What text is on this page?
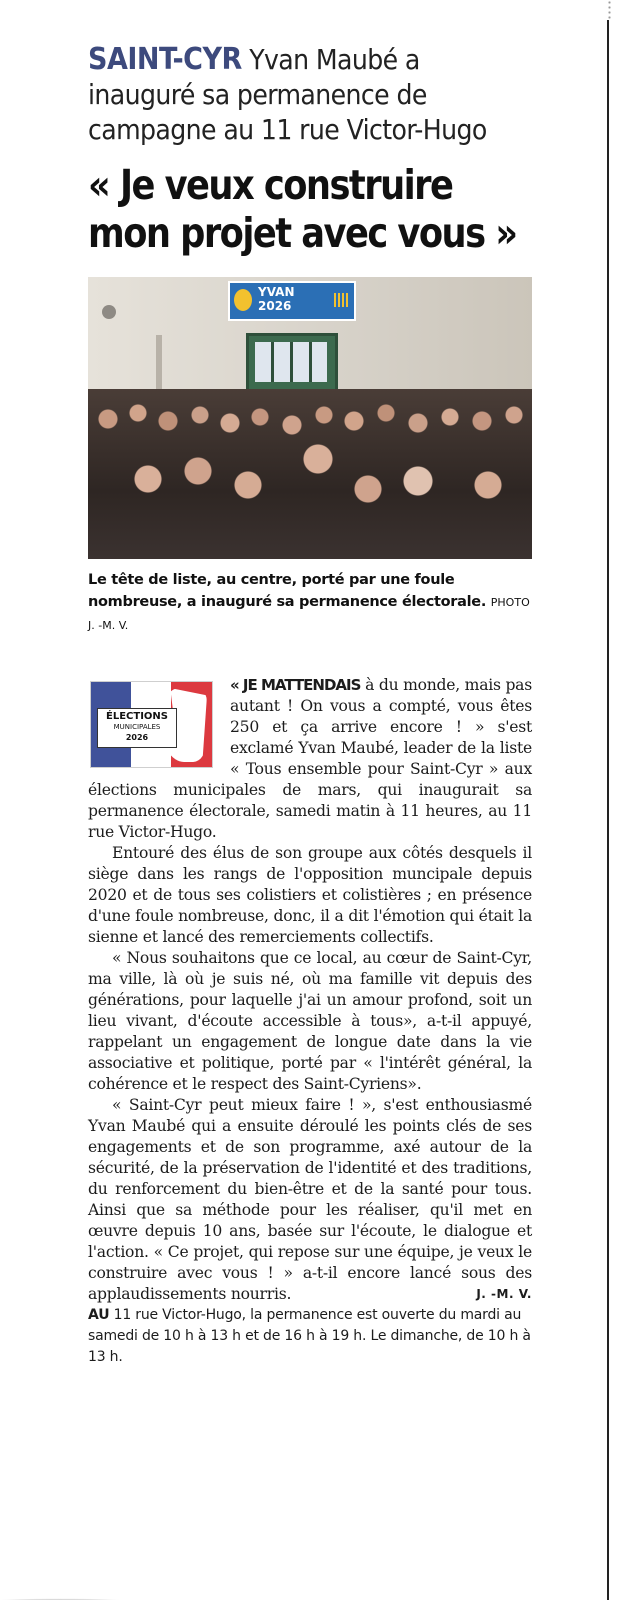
SAINT-CYR Yvan Maubé a inauguré sa permanence de campagne au 11 rue Victor-Hugo
« Je veux construire mon projet avec vous »
YVAN
2026
Le tête de liste, au centre, porté par une foule nombreuse, a inauguré sa permanence électorale. PHOTO J. -M. V.
ÉLECTIONS
MUNICIPALES
2026

« JE MATTENDAIS à du monde, mais pas autant ! On vous a compté, vous êtes 250 et ça arrive encore ! » s'est exclamé Yvan Maubé, leader de la liste « Tous ensemble pour Saint-Cyr » aux élections municipales de mars, qui inaugurait sa permanence électorale, samedi matin à 11 heures, au 11 rue Victor-Hugo.

Entouré des élus de son groupe aux côtés desquels il siège dans les rangs de l'opposition muncipale depuis 2020 et de tous ses colistiers et colistières ; en présence d'une foule nombreuse, donc, il a dit l'émotion qui était la sienne et lancé des remerciements collectifs.

« Nous souhaitons que ce local, au cœur de Saint-Cyr, ma ville, là où je suis né, où ma famille vit depuis des générations, pour laquelle j'ai un amour profond, soit un lieu vivant, d'écoute accessible à tous», a-t-il appuyé, rappelant un engagement de longue date dans la vie associative et politique, porté par « l'intérêt général, la cohérence et le respect des Saint-Cyriens».

« Saint-Cyr peut mieux faire ! », s'est enthousiasmé Yvan Maubé qui a ensuite déroulé les points clés de ses engagements et de son programme, axé autour de la sécurité, de la préservation de l'identité et des traditions, du renforcement du bien-être et de la santé pour tous. Ainsi que sa méthode pour les réaliser, qu'il met en œuvre depuis 10 ans, basée sur l'écoute, le dialogue et l'action. « Ce projet, qui repose sur une équipe, je veux le construire avec vous ! » a-t-il encore lancé sous des applaudissements nourris.	J. -M. V.

AU 11 rue Victor-Hugo, la permanence est ouverte du mardi au samedi de 10 h à 13 h et de 16 h à 19 h. Le dimanche, de 10 h à 13 h.
